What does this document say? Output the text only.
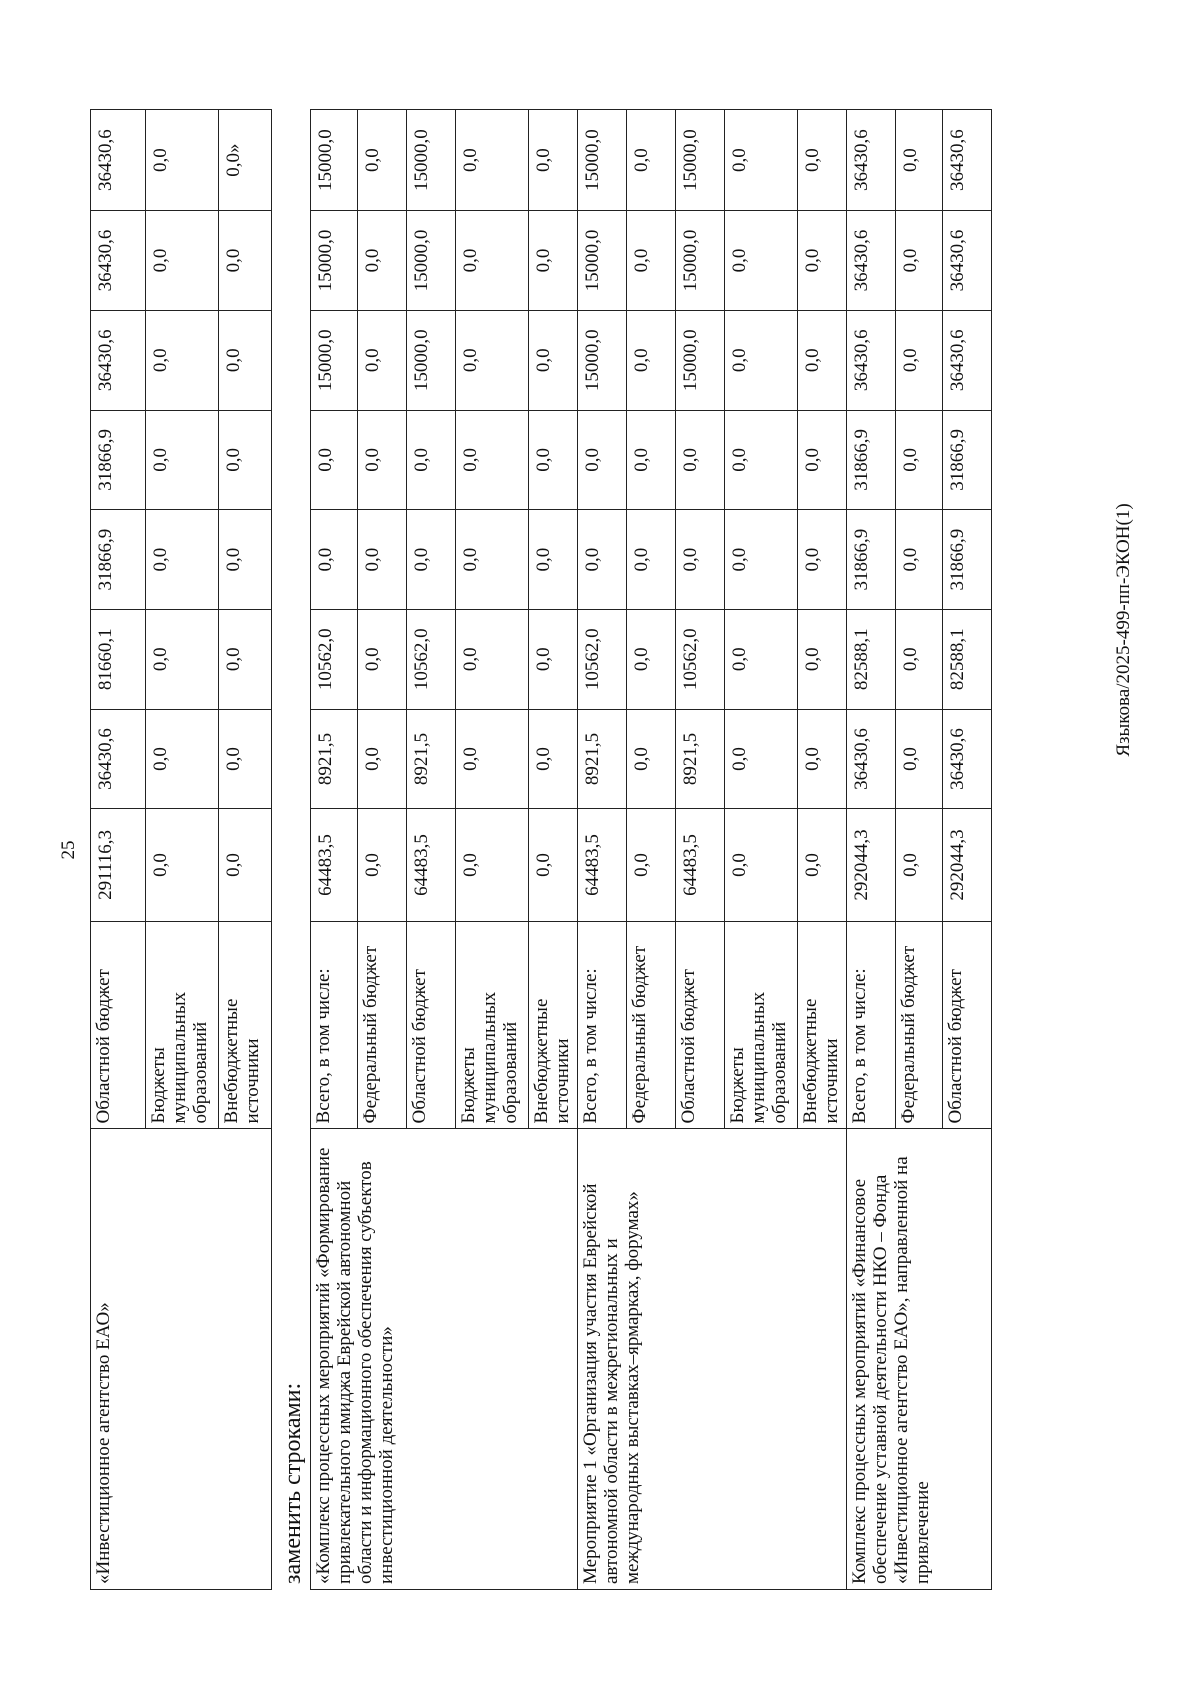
25
Языкова/2025-499-пп-ЭКОН(1)
«Инвестиционное агентство ЕАО»	Областной бюджет	291116,3	36430,6	81660,1	31866,9	31866,9	36430,6	36430,6	36430,6
	Бюджеты муниципальных образований	0,0	0,0	0,0	0,0	0,0	0,0	0,0	0,0
	Внебюджетные источники	0,0	0,0	0,0	0,0	0,0	0,0	0,0	0,0»
заменить строками: «Комплекс процессных мероприятий «Формирование привлекательного имиджа Еврейской автономной области и информационного обеспечения субъектов инвестиционной деятельности»	Всего, в том числе:	64483,5	8921,5	10562,0	0,0	0,0	15000,0	15000,0	15000,0
	Федеральный бюджет	0,0	0,0	0,0	0,0	0,0	0,0	0,0	0,0
	Областной бюджет	64483,5	8921,5	10562,0	0,0	0,0	15000,0	15000,0	15000,0
	Бюджеты муниципальных образований	0,0	0,0	0,0	0,0	0,0	0,0	0,0	0,0
	Внебюджетные источники	0,0	0,0	0,0	0,0	0,0	0,0	0,0	0,0
Мероприятие 1 «Организация участия Еврейской автономной области в межрегиональных и международных выставках–ярмарках, форумах»	Всего, в том числе:	64483,5	8921,5	10562,0	0,0	0,0	15000,0	15000,0	15000,0
	Федеральный бюджет	0,0	0,0	0,0	0,0	0,0	0,0	0,0	0,0
	Областной бюджет	64483,5	8921,5	10562,0	0,0	0,0	15000,0	15000,0	15000,0
	Бюджеты муниципальных образований	0,0	0,0	0,0	0,0	0,0	0,0	0,0	0,0
	Внебюджетные источники	0,0	0,0	0,0	0,0	0,0	0,0	0,0	0,0
Комплекс процессных мероприятий «Финансовое обеспечение уставной деятельности НКО – Фонда «Инвестиционное агентство ЕАО», направленной на привлечение	Всего, в том числе:	292044,3	36430,6	82588,1	31866,9	31866,9	36430,6	36430,6	36430,6
	Федеральный бюджет	0,0	0,0	0,0	0,0	0,0	0,0	0,0	0,0
	Областной бюджет	292044,3	36430,6	82588,1	31866,9	31866,9	36430,6	36430,6	36430,6
